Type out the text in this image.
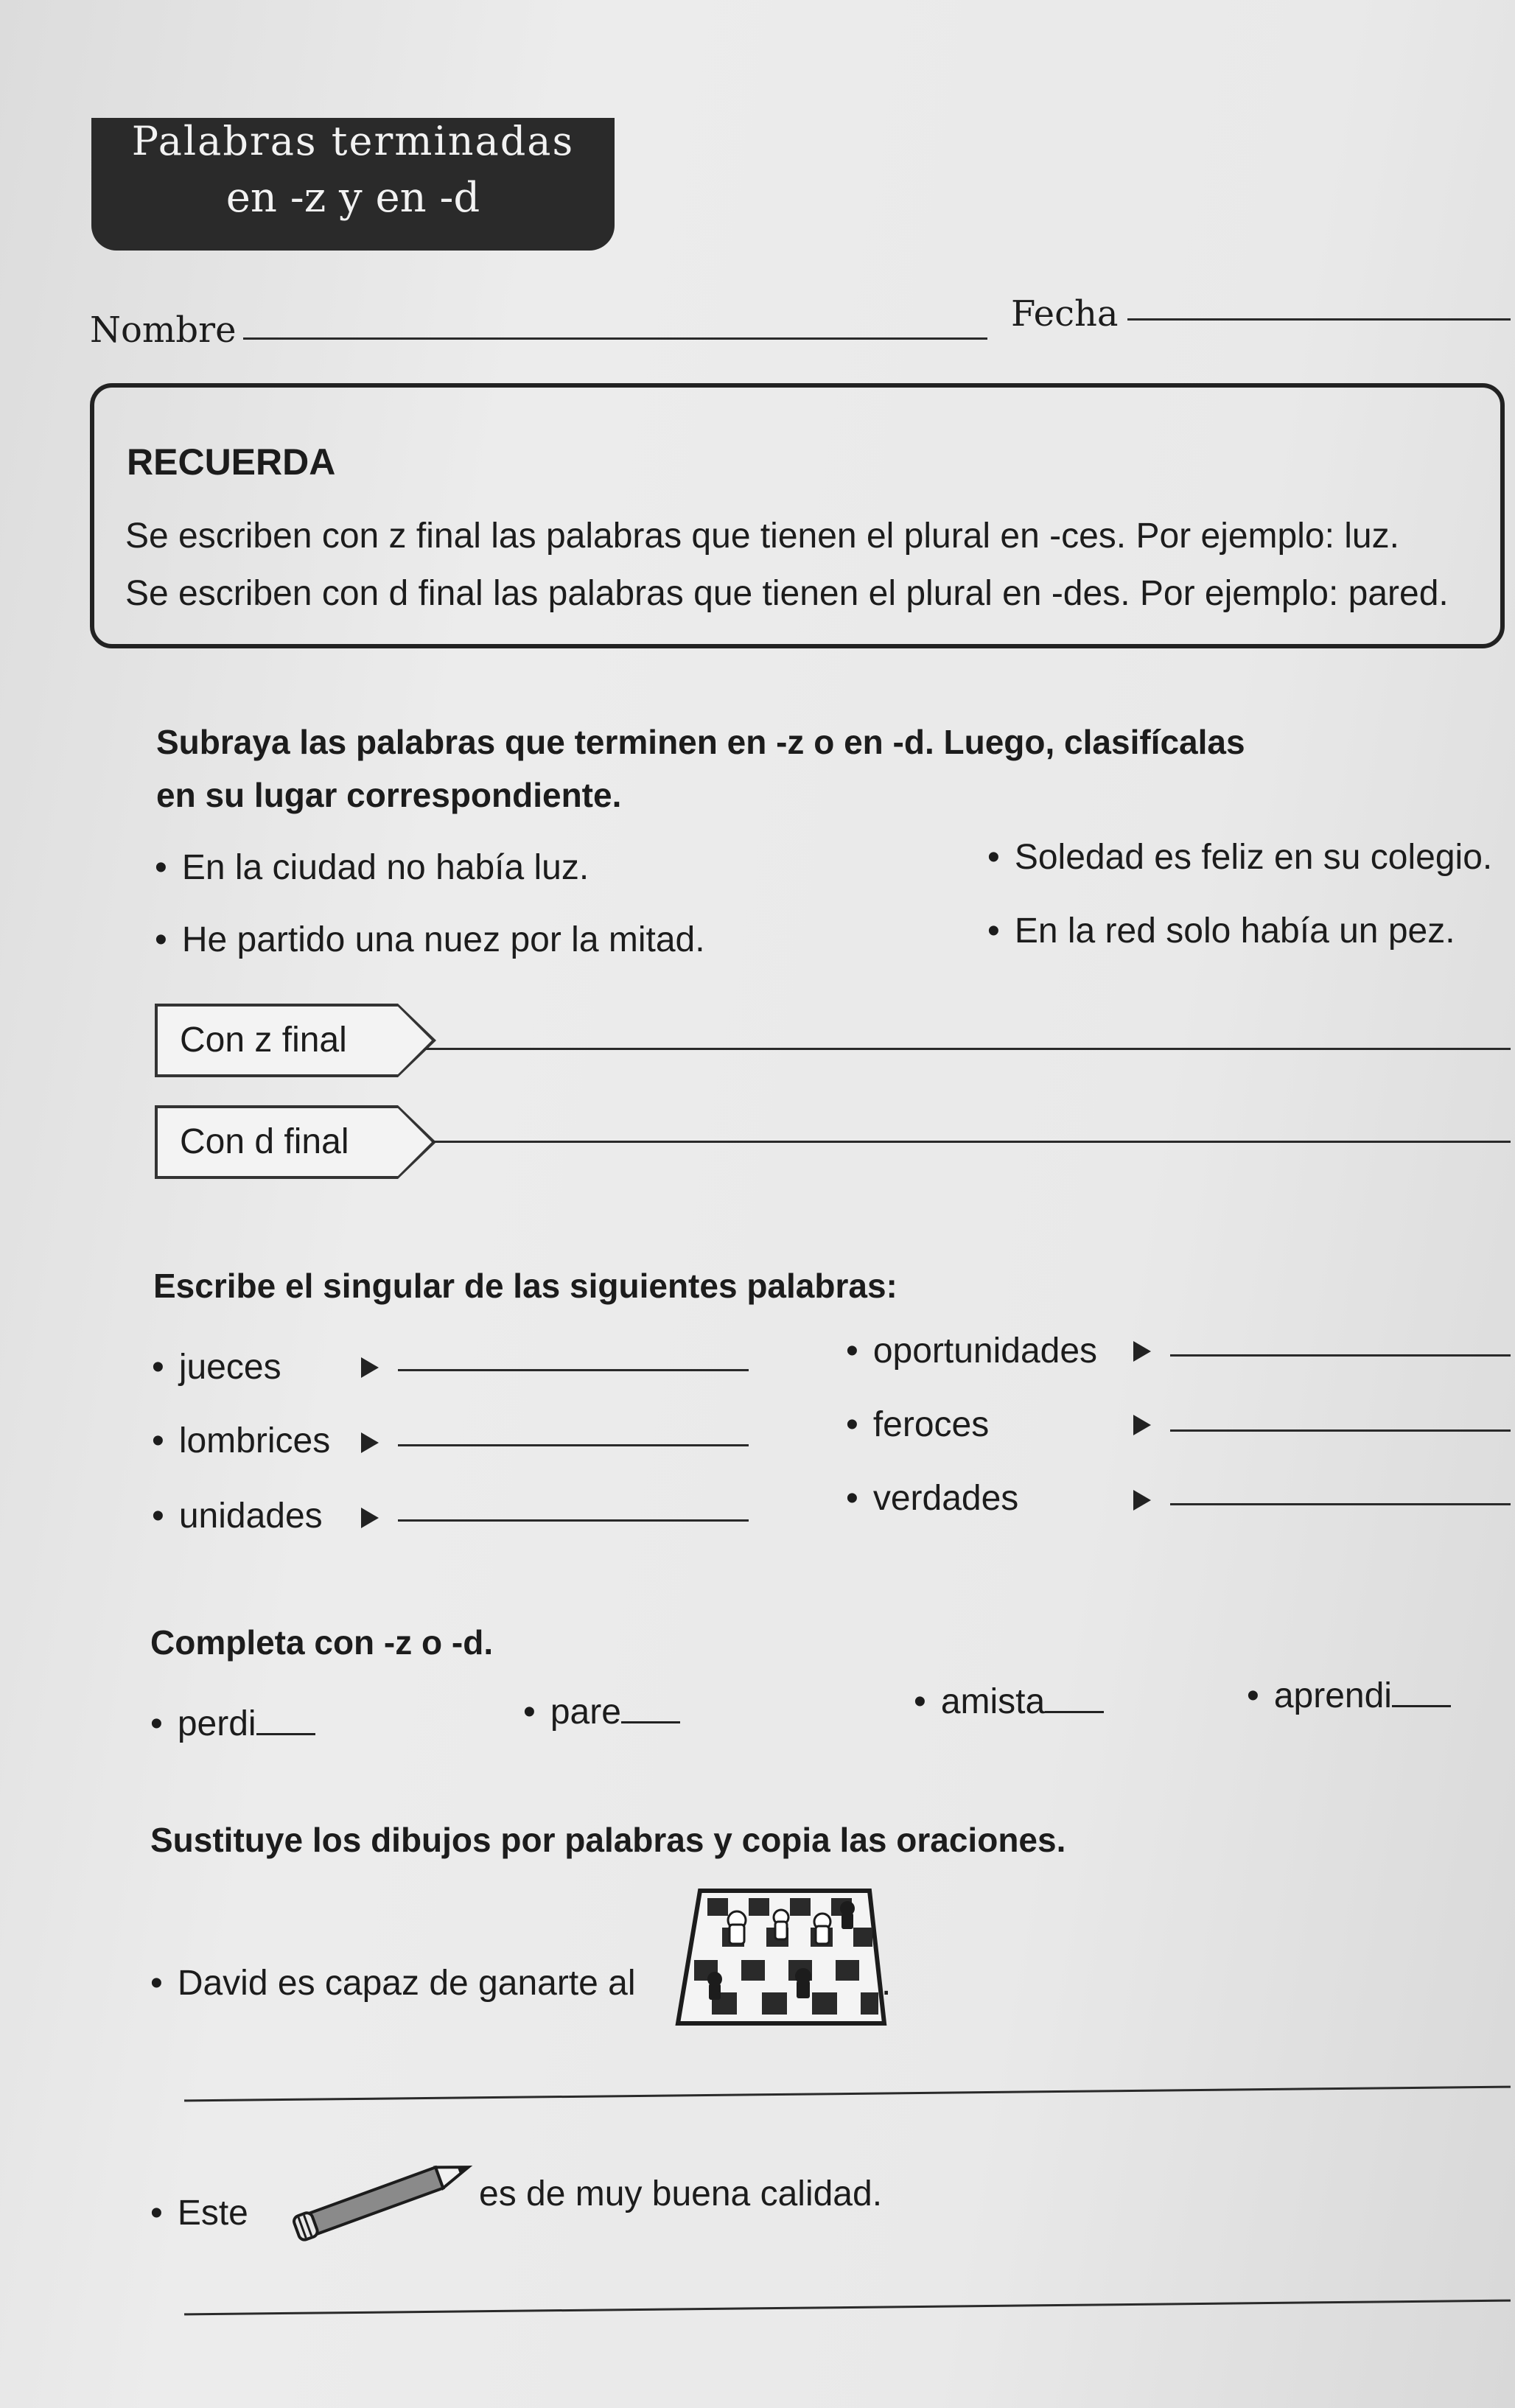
Palabras terminadas
en -z y en -d
Nombre	Fecha
RECUERDA
Se escriben con z final las palabras que tienen el plural en -ces. Por ejemplo: luz.
Se escriben con d final las palabras que tienen el plural en -des. Por ejemplo: pared.
Subraya las palabras que terminen en -z o en -d. Luego, clasifícalas
en su lugar correspondiente.
• En la ciudad no había luz.	• Soledad es feliz en su colegio.
• He partido una nuez por la mitad.	• En la red solo había un pez.
Con z final
Con d final
Escribe el singular de las siguientes palabras:
• jueces	• oportunidades
• lombrices	• feroces
• unidades	• verdades
Completa con -z o -d.
• perdi	• pare	• amista	• aprendi
Sustituye los dibujos por palabras y copia las oraciones.
• David es capaz de ganarte al	.
• Este	es de muy buena calidad.
